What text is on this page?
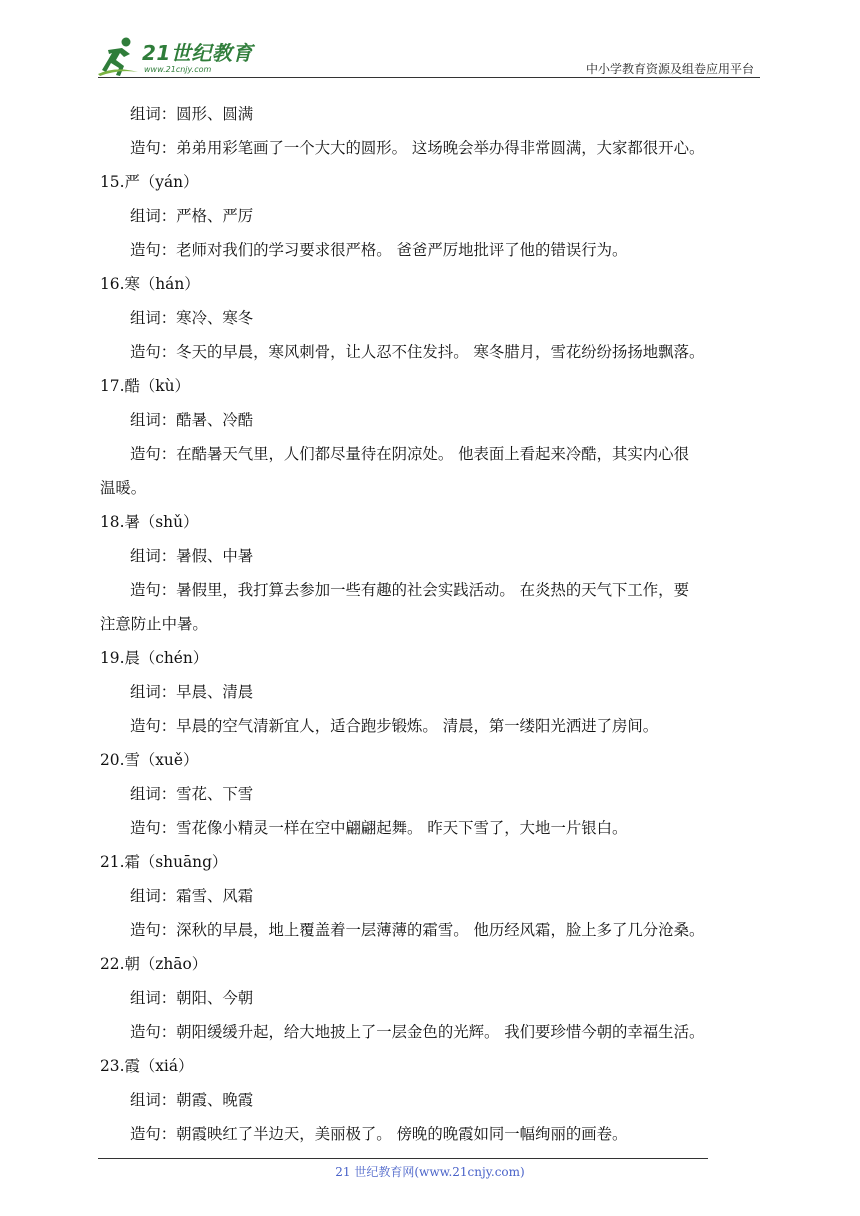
21世纪教育
www.21cnjy.com	中小学教育资源及组卷应用平台
组词：圆形、圆满
造句：弟弟用彩笔画了一个大大的圆形。 这场晚会举办得非常圆满，大家都很开心。
15.严（yán）
组词：严格、严厉
造句：老师对我们的学习要求很严格。 爸爸严厉地批评了他的错误行为。
16.寒（hán）
组词：寒冷、寒冬
造句：冬天的早晨，寒风刺骨，让人忍不住发抖。 寒冬腊月，雪花纷纷扬扬地飘落。
17.酷（kù）
组词：酷暑、冷酷
造句：在酷暑天气里，人们都尽量待在阴凉处。 他表面上看起来冷酷，其实内心很
温暖。
18.暑（shǔ）
组词：暑假、中暑
造句：暑假里，我打算去参加一些有趣的社会实践活动。 在炎热的天气下工作，要
注意防止中暑。
19.晨（chén）
组词：早晨、清晨
造句：早晨的空气清新宜人，适合跑步锻炼。 清晨，第一缕阳光洒进了房间。
20.雪（xuě）
组词：雪花、下雪
造句：雪花像小精灵一样在空中翩翩起舞。 昨天下雪了，大地一片银白。
21.霜（shuāng）
组词：霜雪、风霜
造句：深秋的早晨，地上覆盖着一层薄薄的霜雪。 他历经风霜，脸上多了几分沧桑。
22.朝（zhāo）
组词：朝阳、今朝
造句：朝阳缓缓升起，给大地披上了一层金色的光辉。 我们要珍惜今朝的幸福生活。
23.霞（xiá）
组词：朝霞、晚霞
造句：朝霞映红了半边天，美丽极了。 傍晚的晚霞如同一幅绚丽的画卷。
21 世纪教育网(www.21cnjy.com)
